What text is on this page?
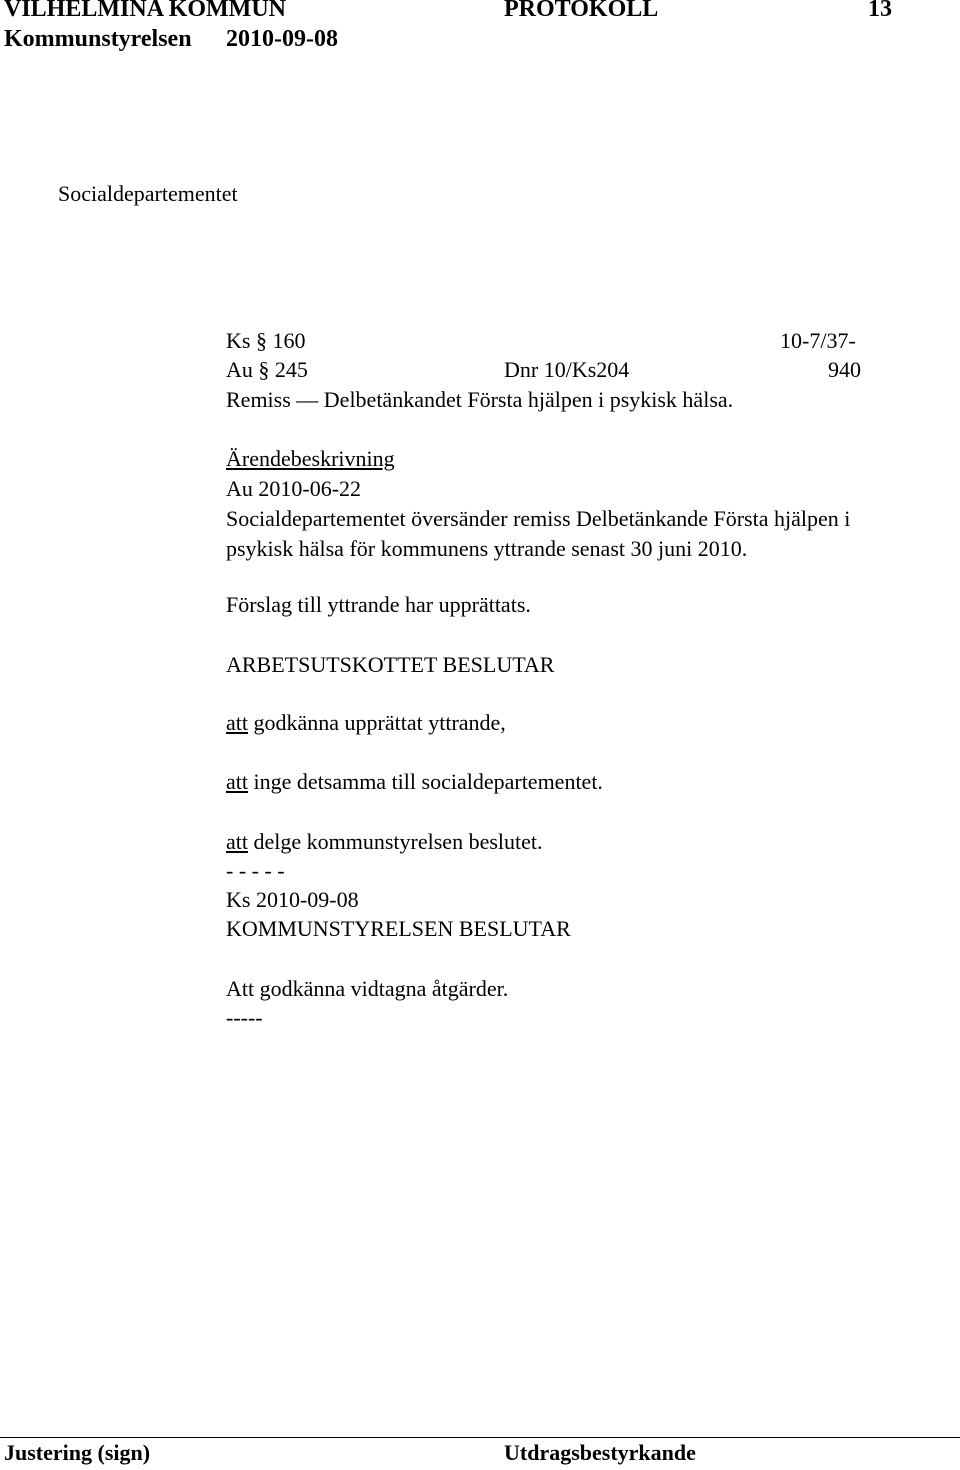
VILHELMINA KOMMUN	PROTOKOLL	13
Kommunstyrelsen 2010-09-08
Socialdepartementet
Ks § 160	10-7/37-
Au § 245	Dnr 10/Ks204	940
Remiss — Delbetänkandet Första hjälpen i psykisk hälsa.
Ärendebeskrivning
Au 2010-06-22
Socialdepartementet översänder remiss Delbetänkande Första hjälpen i
psykisk hälsa för kommunens yttrande senast 30 juni 2010.
Förslag till yttrande har upprättats.
ARBETSUTSKOTTET BESLUTAR
att godkänna upprättat yttrande,
att inge detsamma till socialdepartementet.
att delge kommunstyrelsen beslutet.
- - - - -
Ks 2010-09-08
KOMMUNSTYRELSEN BESLUTAR
Att godkänna vidtagna åtgärder.
-----
Justering (sign)	Utdragsbestyrkande
